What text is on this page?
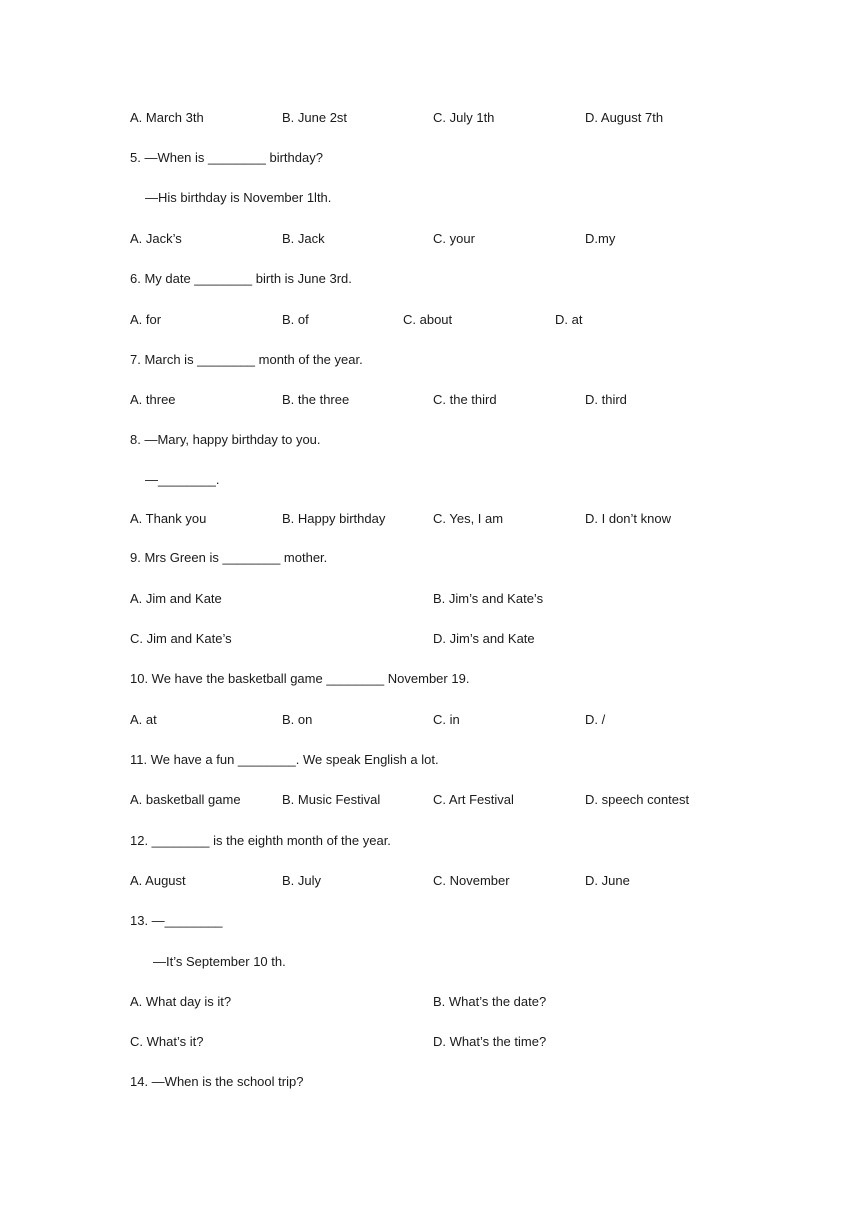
A. March 3th	B. June 2st	C. July 1th	D. August 7th
5. —When is ________ birthday?
—His birthday is November 1lth.
A. Jack’s	B. Jack	C. your	D.my
6. My date ________ birth is June 3rd.
A. for	B. of	C. about	D. at
7. March is ________ month of the year.
A. three	B. the three	C. the third	D. third
8. —Mary, happy birthday to you.
—________.
A. Thank you	B. Happy birthday	C. Yes, I am	D. I don’t know
9. Mrs Green is ________ mother.
A. Jim and Kate	B. Jim’s and Kate’s
C. Jim and Kate’s	D. Jim’s and Kate
10. We have the basketball game ________ November 19.
A. at	B. on	C. in	D. /
11. We have a fun ________. We speak English a lot.
A. basketball game	B. Music Festival	C. Art Festival	D. speech contest
12. ________ is the eighth month of the year.
A. August	B. July	C. November	D. June
13. —________
—It’s September 10 th.
A. What day is it?	B. What’s the date?
C. What’s it?	D. What’s the time?
14. —When is the school trip?
